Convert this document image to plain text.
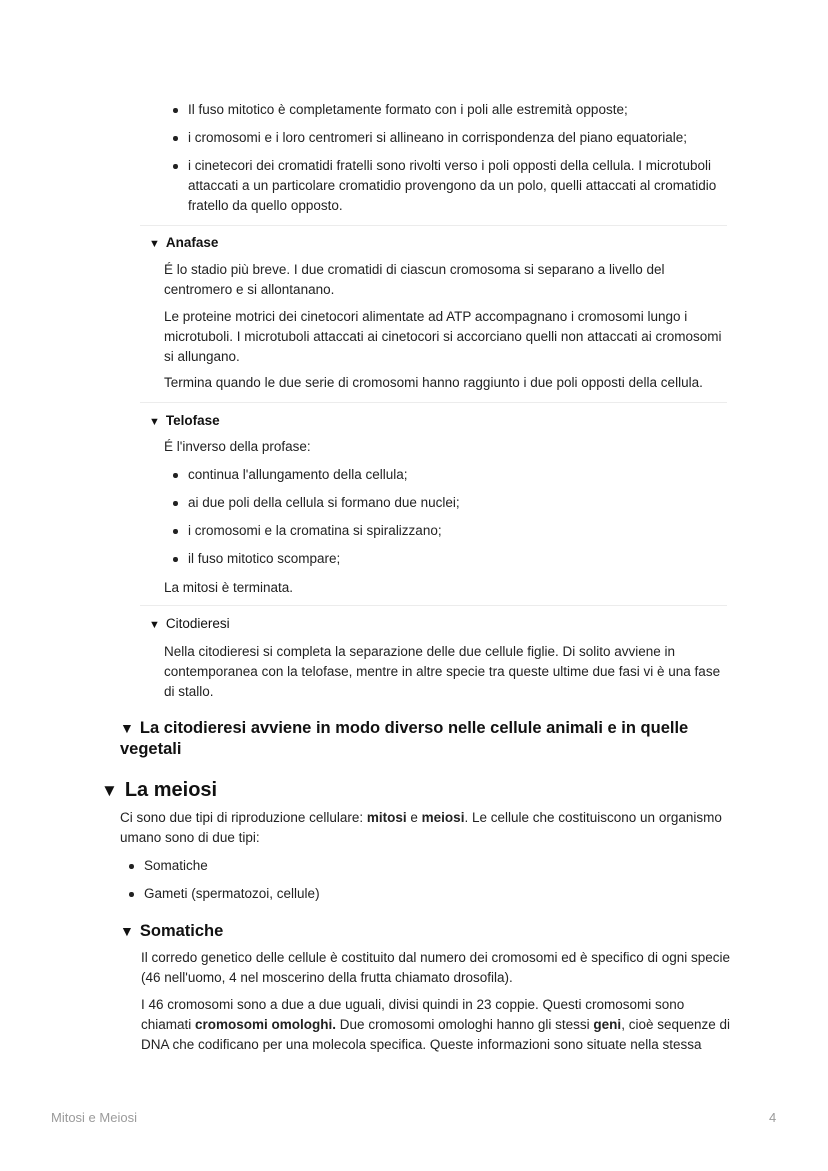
Il fuso mitotico è completamente formato con i poli alle estremità opposte;
i cromosomi e i loro centromeri si allineano in corrispondenza del piano equatoriale;
i cinetecori dei cromatidi fratelli sono rivolti verso i poli opposti della cellula. I microtuboli
attaccati a un particolare cromatidio provengono da un polo, quelli attaccati al cromatidio
fratello da quello opposto.
▼ Anafase
É lo stadio più breve. I due cromatidi di ciascun cromosoma si separano a livello del
centromero e si allontanano.
Le proteine motrici dei cinetocori alimentate ad ATP accompagnano i cromosomi lungo i
microtuboli. I microtuboli attaccati ai cinetocori si accorciano quelli non attaccati ai cromosomi
si allungano.
Termina quando le due serie di cromosomi hanno raggiunto i due poli opposti della cellula.
▼ Telofase
É l'inverso della profase:
continua l'allungamento della cellula;
ai due poli della cellula si formano due nuclei;
i cromosomi e la cromatina si spiralizzano;
il fuso mitotico scompare;
La mitosi è terminata.
▼ Citodieresi
Nella citodieresi si completa la separazione delle due cellule figlie. Di solito avviene in
contemporanea con la telofase, mentre in altre specie tra queste ultime due fasi vi è una fase
di stallo.
▼ La citodieresi avviene in modo diverso nelle cellule animali e in quelle
vegetali
▼ La meiosi
Ci sono due tipi di riproduzione cellulare: mitosi e meiosi. Le cellule che costituiscono un organismo
umano sono di due tipi:
Somatiche
Gameti (spermatozoi, cellule)
▼ Somatiche
Il corredo genetico delle cellule è costituito dal numero dei cromosomi ed è specifico di ogni specie
(46 nell'uomo, 4 nel moscerino della frutta chiamato drosofila).
I 46 cromosomi sono a due a due uguali, divisi quindi in 23 coppie. Questi cromosomi sono
chiamati cromosomi omologhi. Due cromosomi omologhi hanno gli stessi geni, cioè sequenze di
DNA che codificano per una molecola specifica. Queste informazioni sono situate nella stessa
Mitosi e Meiosi	4
